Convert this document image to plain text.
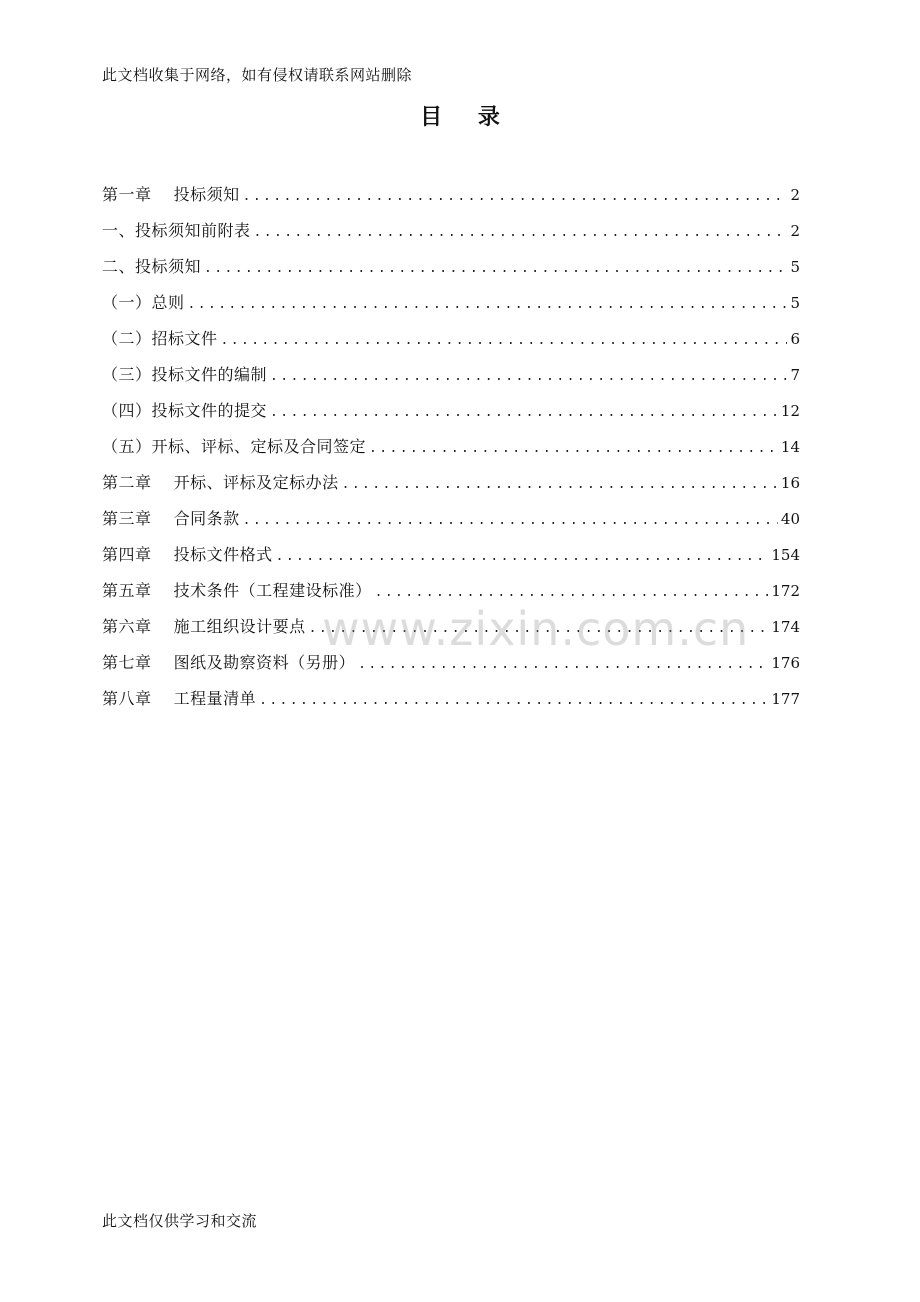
此文档收集于网络，如有侵权请联系网站删除
目 录
第一章　 投标须知 .....	2
一、投标须知前附表 .....	2
二、投标须知 .....	5
（一）总则 .....	5
（二）招标文件 .....	6
（三）投标文件的编制 .....	7
（四）投标文件的提交 .....	12
（五）开标、评标、定标及合同签定 .....	14
第二章　 开标、评标及定标办法 .....	16
第三章　 合同条款 .....	40
第四章　 投标文件格式 .....	154
第五章　 技术条件（工程建设标准） .....	172
第六章　 施工组织设计要点 .....	174
第七章　 图纸及勘察资料（另册） .....	176
第八章　 工程量清单 .....	177
www.zixin.com.cn
此文档仅供学习和交流
